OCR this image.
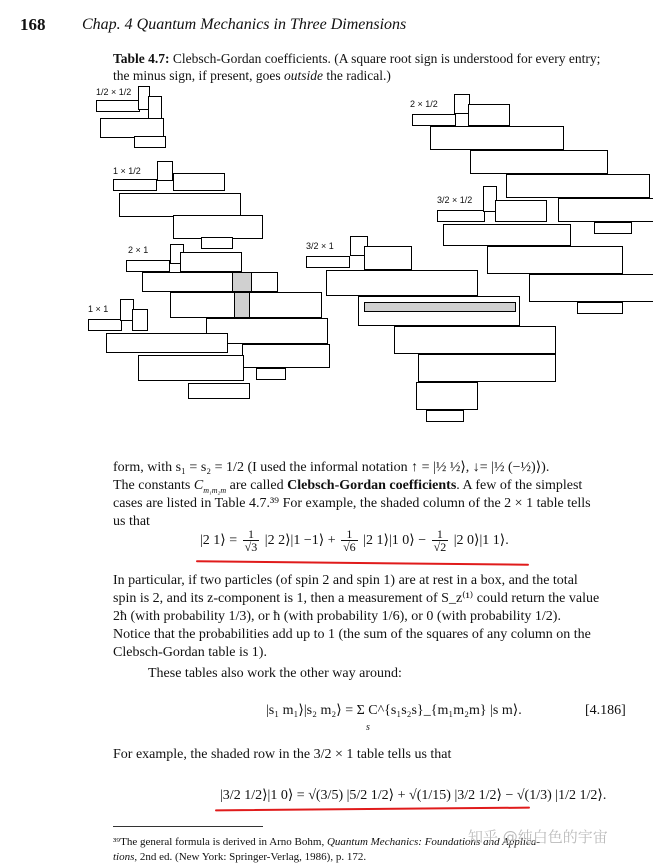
168 Chap. 4 Quantum Mechanics in Three Dimensions
Table 4.7: Clebsch-Gordan coefficients. (A square root sign is understood for every entry; the minus sign, if present, goes outside the radical.)
1/2 × 1/2
1 × 1/2
2 × 1
1 × 1
3/2 × 1
2 × 1/2
3/2 × 1/2
form, with s₁ = s₂ = 1/2 (I used the informal notation ↑ = |½ ½⟩, ↓= |½ (−½)⟩).
The constants $C_{m_1m_2m}$ are called Clebsch-Gordan coefficients. A few of the simplest
cases are listed in Table 4.7.³⁹ For example, the shaded column of the 2 × 1 table tells
us that
|2 1⟩ = $\frac{1}{√3} |2$ 2⟩|1 −1⟩ + $\frac{1}{√6} |2$ 1⟩|1 0⟩ − $\frac{1}{√2} |2$ 0⟩|1 1⟩.
In particular, if two particles (of spin 2 and spin 1) are at rest in a box, and the total
spin is 2, and its z-component is 1, then a measurement of S_z⁽¹⁾ could return the value
2ħ (with probability 1/3), or ħ (with probability 1/6), or 0 (with probability 1/2).
Notice that the probabilities add up to 1 (the sum of the squares of any column on the
Clebsch-Gordan table is 1).
These tables also work the other way around:
|s₁ m₁⟩|s₂ m₂⟩ = Σ C^{s₁s₂s}_{m₁m₂m} |s m⟩.
s
[4.186]
For example, the shaded row in the 3/2 × 1 table tells us that
|3/2 1/2⟩|1 0⟩ = √(3/5) |5/2 1/2⟩ + √(1/15) |3/2 1/2⟩ − √(1/3) |1/2 1/2⟩.
³⁹The general formula is derived in Arno Bohm, Quantum Mechanics: Foundations and Applica-
tions, 2nd ed. (New York: Springer-Verlag, 1986), p. 172.
知乎 @纯白色的宇宙
